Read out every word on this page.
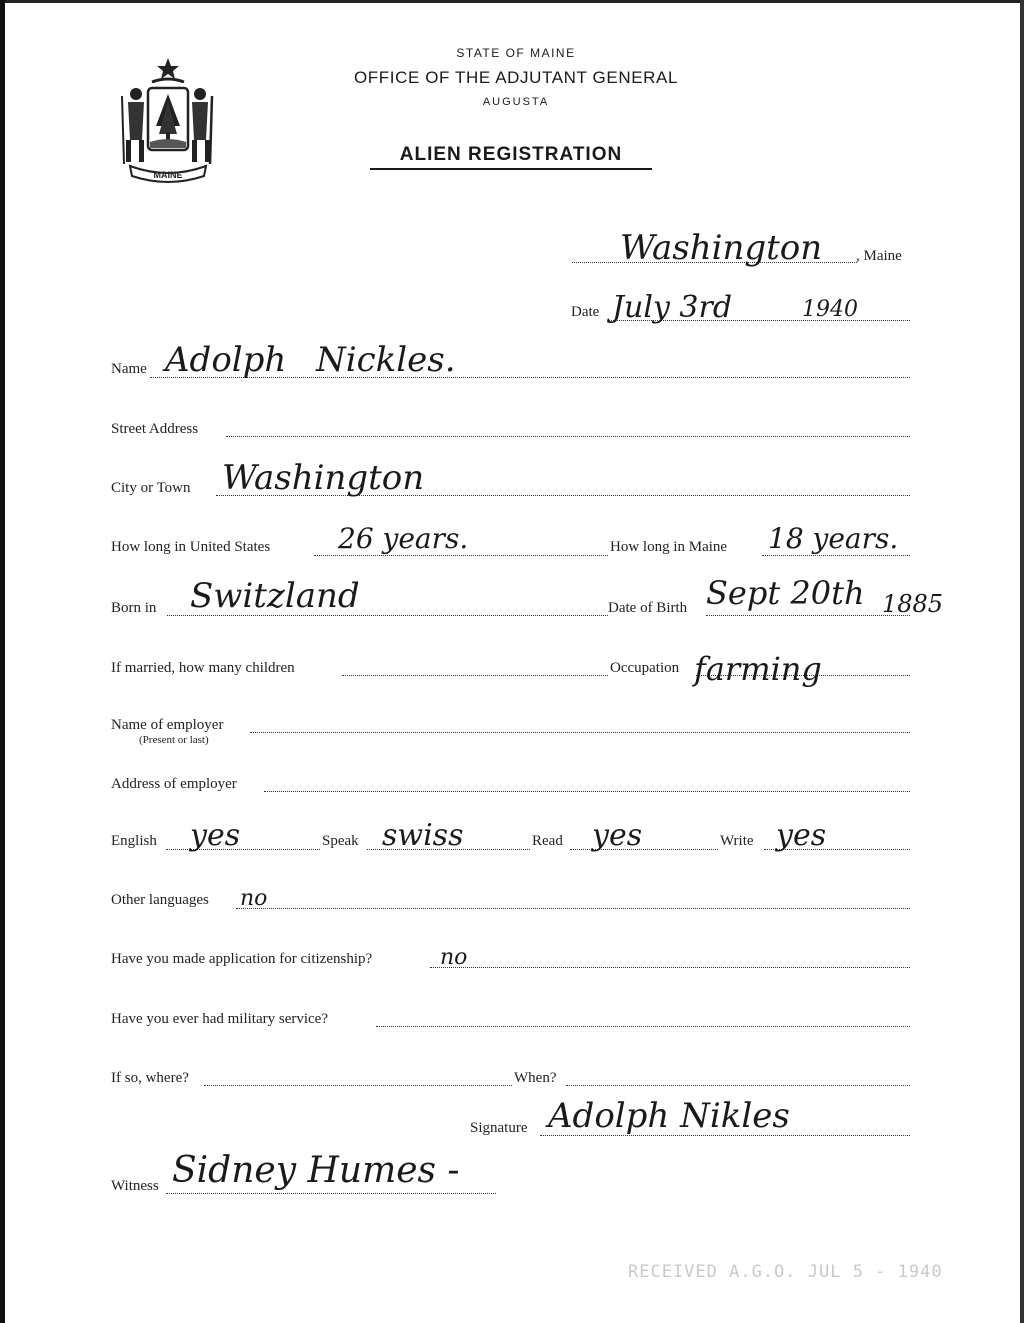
MAINE
STATE OF MAINE
OFFICE OF THE ADJUTANT GENERAL
AUGUSTA
ALIEN REGISTRATION
Washington , Maine
Date July 3rd	1940
Name Adolph Nickles.
Street Address
City or Town Washington
How long in United States 26 years.	How long in Maine 18 years.
Born in Switzland	Date of Birth Sept 20th 1885
If married, how many children	Occupation farming
Name of employer
(Present or last)
Address of employer
English yes	Speak swiss	Read yes	Write yes
Other languages no
Have you made application for citizenship?	no
Have you ever had military service?
If so, where?	When?
Signature Adolph Nikles
Witness Sidney Humes -
RECEIVED A.G.O. JUL 5 - 1940
